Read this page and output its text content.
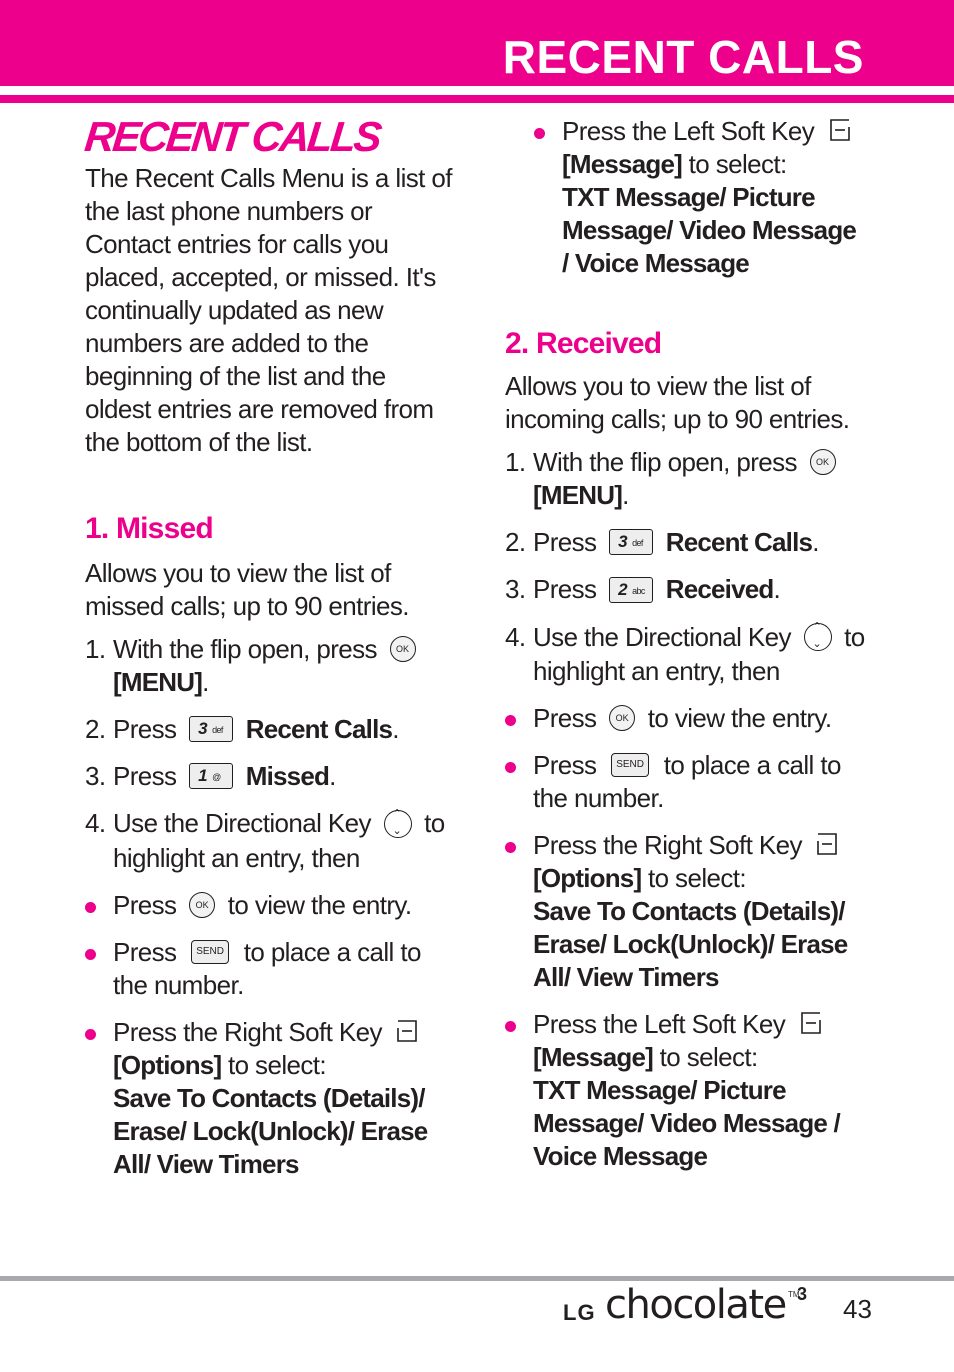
RECENT CALLS

RECENT CALLS

The Recent Calls Menu is a list of the last phone numbers or Contact entries for calls you placed, accepted, or missed. It's continually updated as new numbers are added to the beginning of the list and the oldest entries are removed from the bottom of the list.

1. Missed

Allows you to view the list of missed calls; up to 90 entries.

1. With the flip open, press OK
[MENU].

2. Press 3 def Recent Calls.

3. Press 1 @ Missed.

4. Use the Directional Key ⌃ ⌄ to highlight an entry, then

Press OK to view the entry.

Press SEND to place a call to the number.

Press the Right Soft Key

[Options] to select:
Save To Contacts (Details)/ Erase/ Lock(Unlock)/ Erase All/ View Timers

Press the Left Soft Key

[Message] to select:
TXT Message/ Picture Message/ Video Message / Voice Message

2. Received

Allows you to view the list of incoming calls; up to 90 entries.

1. With the flip open, press OK
[MENU].

2. Press 3 def Recent Calls.

3. Press 2 abc Received.

4. Use the Directional Key ⌃ ⌄ to highlight an entry, then

Press OK to view the entry.

Press SEND to place a call to the number.

Press the Right Soft Key

[Options] to select:
Save To Contacts (Details)/ Erase/ Lock(Unlock)/ Erase All/ View Timers

Press the Left Soft Key

[Message] to select:
TXT Message/ Picture Message/ Video Message / Voice Message

LG chocolate TM
3 43
